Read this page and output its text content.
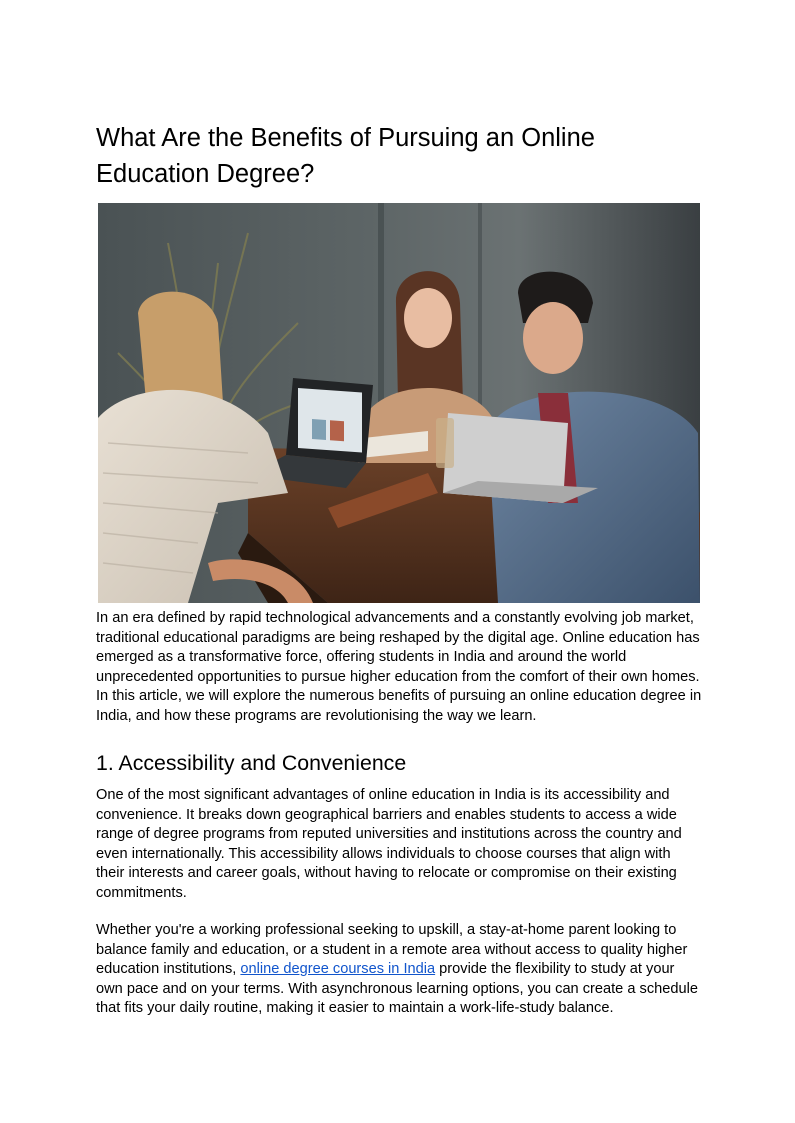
What Are the Benefits of Pursuing an Online Education Degree?

In an era defined by rapid technological advancements and a constantly evolving job market, traditional educational paradigms are being reshaped by the digital age. Online education has emerged as a transformative force, offering students in India and around the world unprecedented opportunities to pursue higher education from the comfort of their own homes. In this article, we will explore the numerous benefits of pursuing an online education degree in India, and how these programs are revolutionising the way we learn.

1. Accessibility and Convenience

One of the most significant advantages of online education in India is its accessibility and convenience. It breaks down geographical barriers and enables students to access a wide range of degree programs from reputed universities and institutions across the country and even internationally. This accessibility allows individuals to choose courses that align with their interests and career goals, without having to relocate or compromise on their existing commitments.

Whether you're a working professional seeking to upskill, a stay-at-home parent looking to balance family and education, or a student in a remote area without access to quality higher education institutions, online degree courses in India provide the flexibility to study at your own pace and on your terms. With asynchronous learning options, you can create a schedule that fits your daily routine, making it easier to maintain a work-life-study balance.
